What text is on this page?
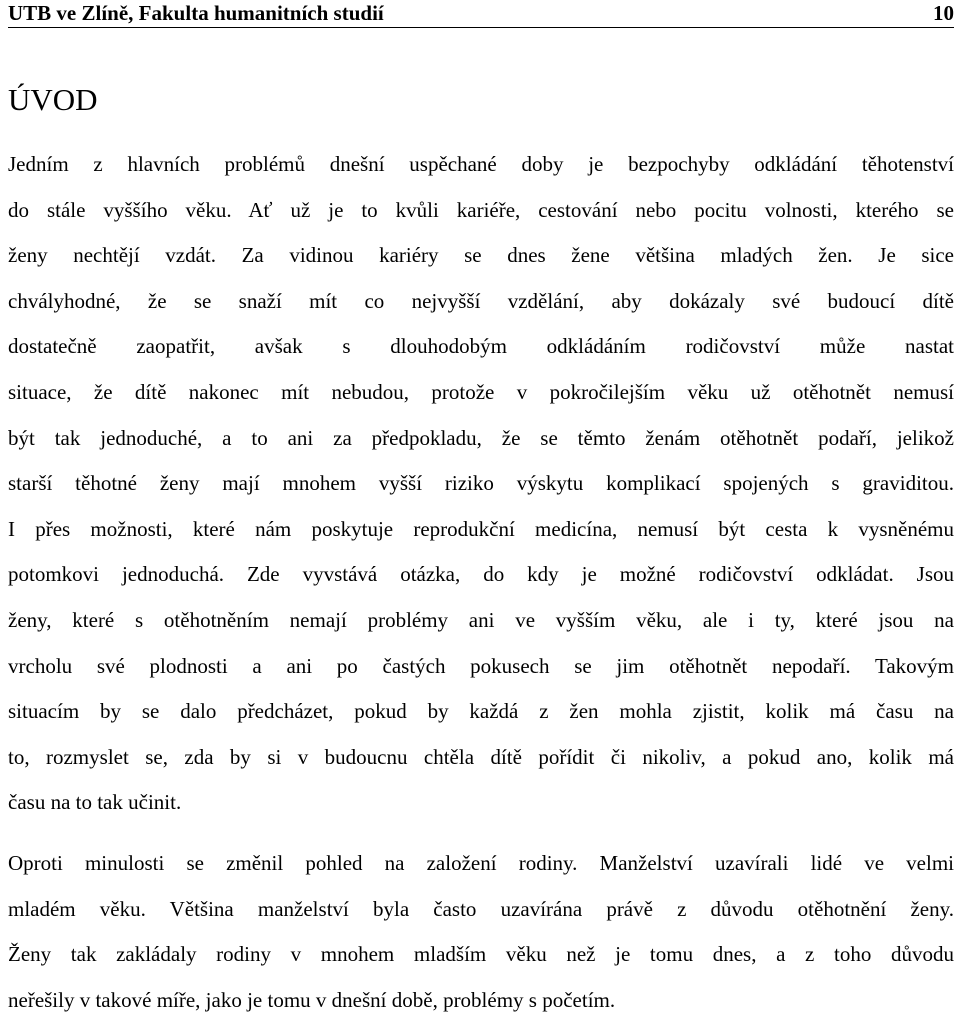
UTB ve Zlíně, Fakulta humanitních studií	10
ÚVOD
Jedním z hlavních problémů dnešní uspěchané doby je bezpochyby odkládání těhotenství
do stále vyššího věku. Ať už je to kvůli kariéře, cestování nebo pocitu volnosti, kterého se
ženy nechtějí vzdát. Za vidinou kariéry se dnes žene většina mladých žen. Je sice
chvályhodné, že se snaží mít co nejvyšší vzdělání, aby dokázaly své budoucí dítě
dostatečně zaopatřit, avšak s dlouhodobým odkládáním rodičovství může nastat
situace, že dítě nakonec mít nebudou, protože v pokročilejším věku už otěhotnět nemusí
být tak jednoduché, a to ani za předpokladu, že se těmto ženám otěhotnět podaří, jelikož
starší těhotné ženy mají mnohem vyšší riziko výskytu komplikací spojených s graviditou.
I přes možnosti, které nám poskytuje reprodukční medicína, nemusí být cesta k vysněnému
potomkovi jednoduchá. Zde vyvstává otázka, do kdy je možné rodičovství odkládat. Jsou
ženy, které s otěhotněním nemají problémy ani ve vyšším věku, ale i ty, které jsou na
vrcholu své plodnosti a ani po častých pokusech se jim otěhotnět nepodaří. Takovým
situacím by se dalo předcházet, pokud by každá z žen mohla zjistit, kolik má času na
to, rozmyslet se, zda by si v budoucnu chtěla dítě pořídit či nikoliv, a pokud ano, kolik má
času na to tak učinit.
Oproti minulosti se změnil pohled na založení rodiny. Manželství uzavírali lidé ve velmi
mladém věku. Většina manželství byla často uzavírána právě z důvodu otěhotnění ženy.
Ženy tak zakládaly rodiny v mnohem mladším věku než je tomu dnes, a z toho důvodu
neřešily v takové míře, jako je tomu v dnešní době, problémy s početím.
